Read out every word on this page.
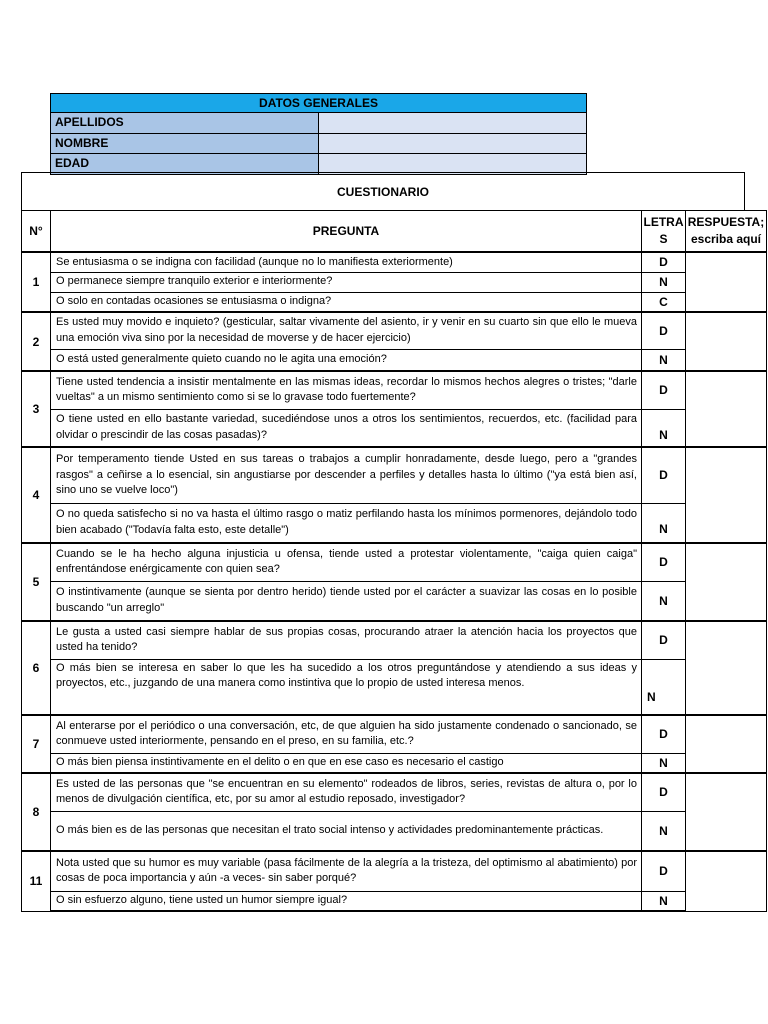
DATOS GENERALES	
APELLIDOS	
NOMBRE	
EDAD	
CUESTIONARIO
N°	PREGUNTA	LETRA S	RESPUESTA; escriba aquí
1	Se entusiasma o se indigna con facilidad (aunque no lo manifiesta exteriormente)	D	
	O permanece siempre tranquilo exterior e interiormente?	N	
	O solo en contadas ocasiones se entusiasma o indigna?	C	
2	Es usted muy movido e inquieto? (gesticular, saltar vivamente del asiento, ir y venir en su cuarto sin que ello le mueva una emoción viva sino por la necesidad de moverse y de hacer ejercicio)	D	
	O está usted generalmente quieto cuando no le agita una emoción?	N	
3	Tiene usted tendencia a insistir mentalmente en las mismas ideas, recordar lo mismos hechos alegres o tristes; "darle vueltas" a un mismo sentimiento como si se lo gravase todo fuertemente?	D	
	O tiene usted en ello bastante variedad, sucediéndose unos a otros los sentimientos, recuerdos, etc. (facilidad para olvidar o prescindir de las cosas pasadas)?	N	
4	Por temperamento tiende Usted en sus tareas o trabajos a cumplir honradamente, desde luego, pero a "grandes rasgos" a ceñirse a lo esencial, sin angustiarse por descender a perfiles y detalles hasta lo último ("ya está bien así, sino uno se vuelve loco")	D	
	O no queda satisfecho si no va hasta el último rasgo o matiz perfilando hasta los mínimos pormenores, dejándolo todo bien acabado ("Todavía falta esto, este detalle")	N	
5	Cuando se le ha hecho alguna injusticia u ofensa, tiende usted a protestar violentamente, "caiga quien caiga" enfrentándose enérgicamente con quien sea?	D	
	O instintivamente (aunque se sienta por dentro herido) tiende usted por el carácter a suavizar las cosas en lo posible buscando "un arreglo"	N	
6	Le gusta a usted casi siempre hablar de sus propias cosas, procurando atraer la atención hacia los proyectos que usted ha tenido?	D	
	O más bien se interesa en saber lo que les ha sucedido a los otros preguntándose y atendiendo a sus ideas y proyectos, etc., juzgando de una manera como instintiva que lo propio de usted interesa menos.	N	
7	Al enterarse por el periódico o una conversación, etc, de que alguien ha sido justamente condenado o sancionado, se conmueve usted interiormente, pensando en el preso, en su familia, etc.?	D	
	O más bien piensa instintivamente en el delito o en que en ese caso es necesario el castigo	N	
8	Es usted de las personas que "se encuentran en su elemento" rodeados de libros, series, revistas de altura o, por lo menos de divulgación científica, etc, por su amor al estudio reposado, investigador?	D	
	O más bien es de las personas que necesitan el trato social intenso y actividades predominantemente prácticas.	N	
11	Nota usted que su humor es muy variable (pasa fácilmente de la alegría a la tristeza, del optimismo al abatimiento) por cosas de poca importancia y aún -a veces- sin saber porqué?	D	
	O sin esfuerzo alguno, tiene usted un humor siempre igual?	N	
